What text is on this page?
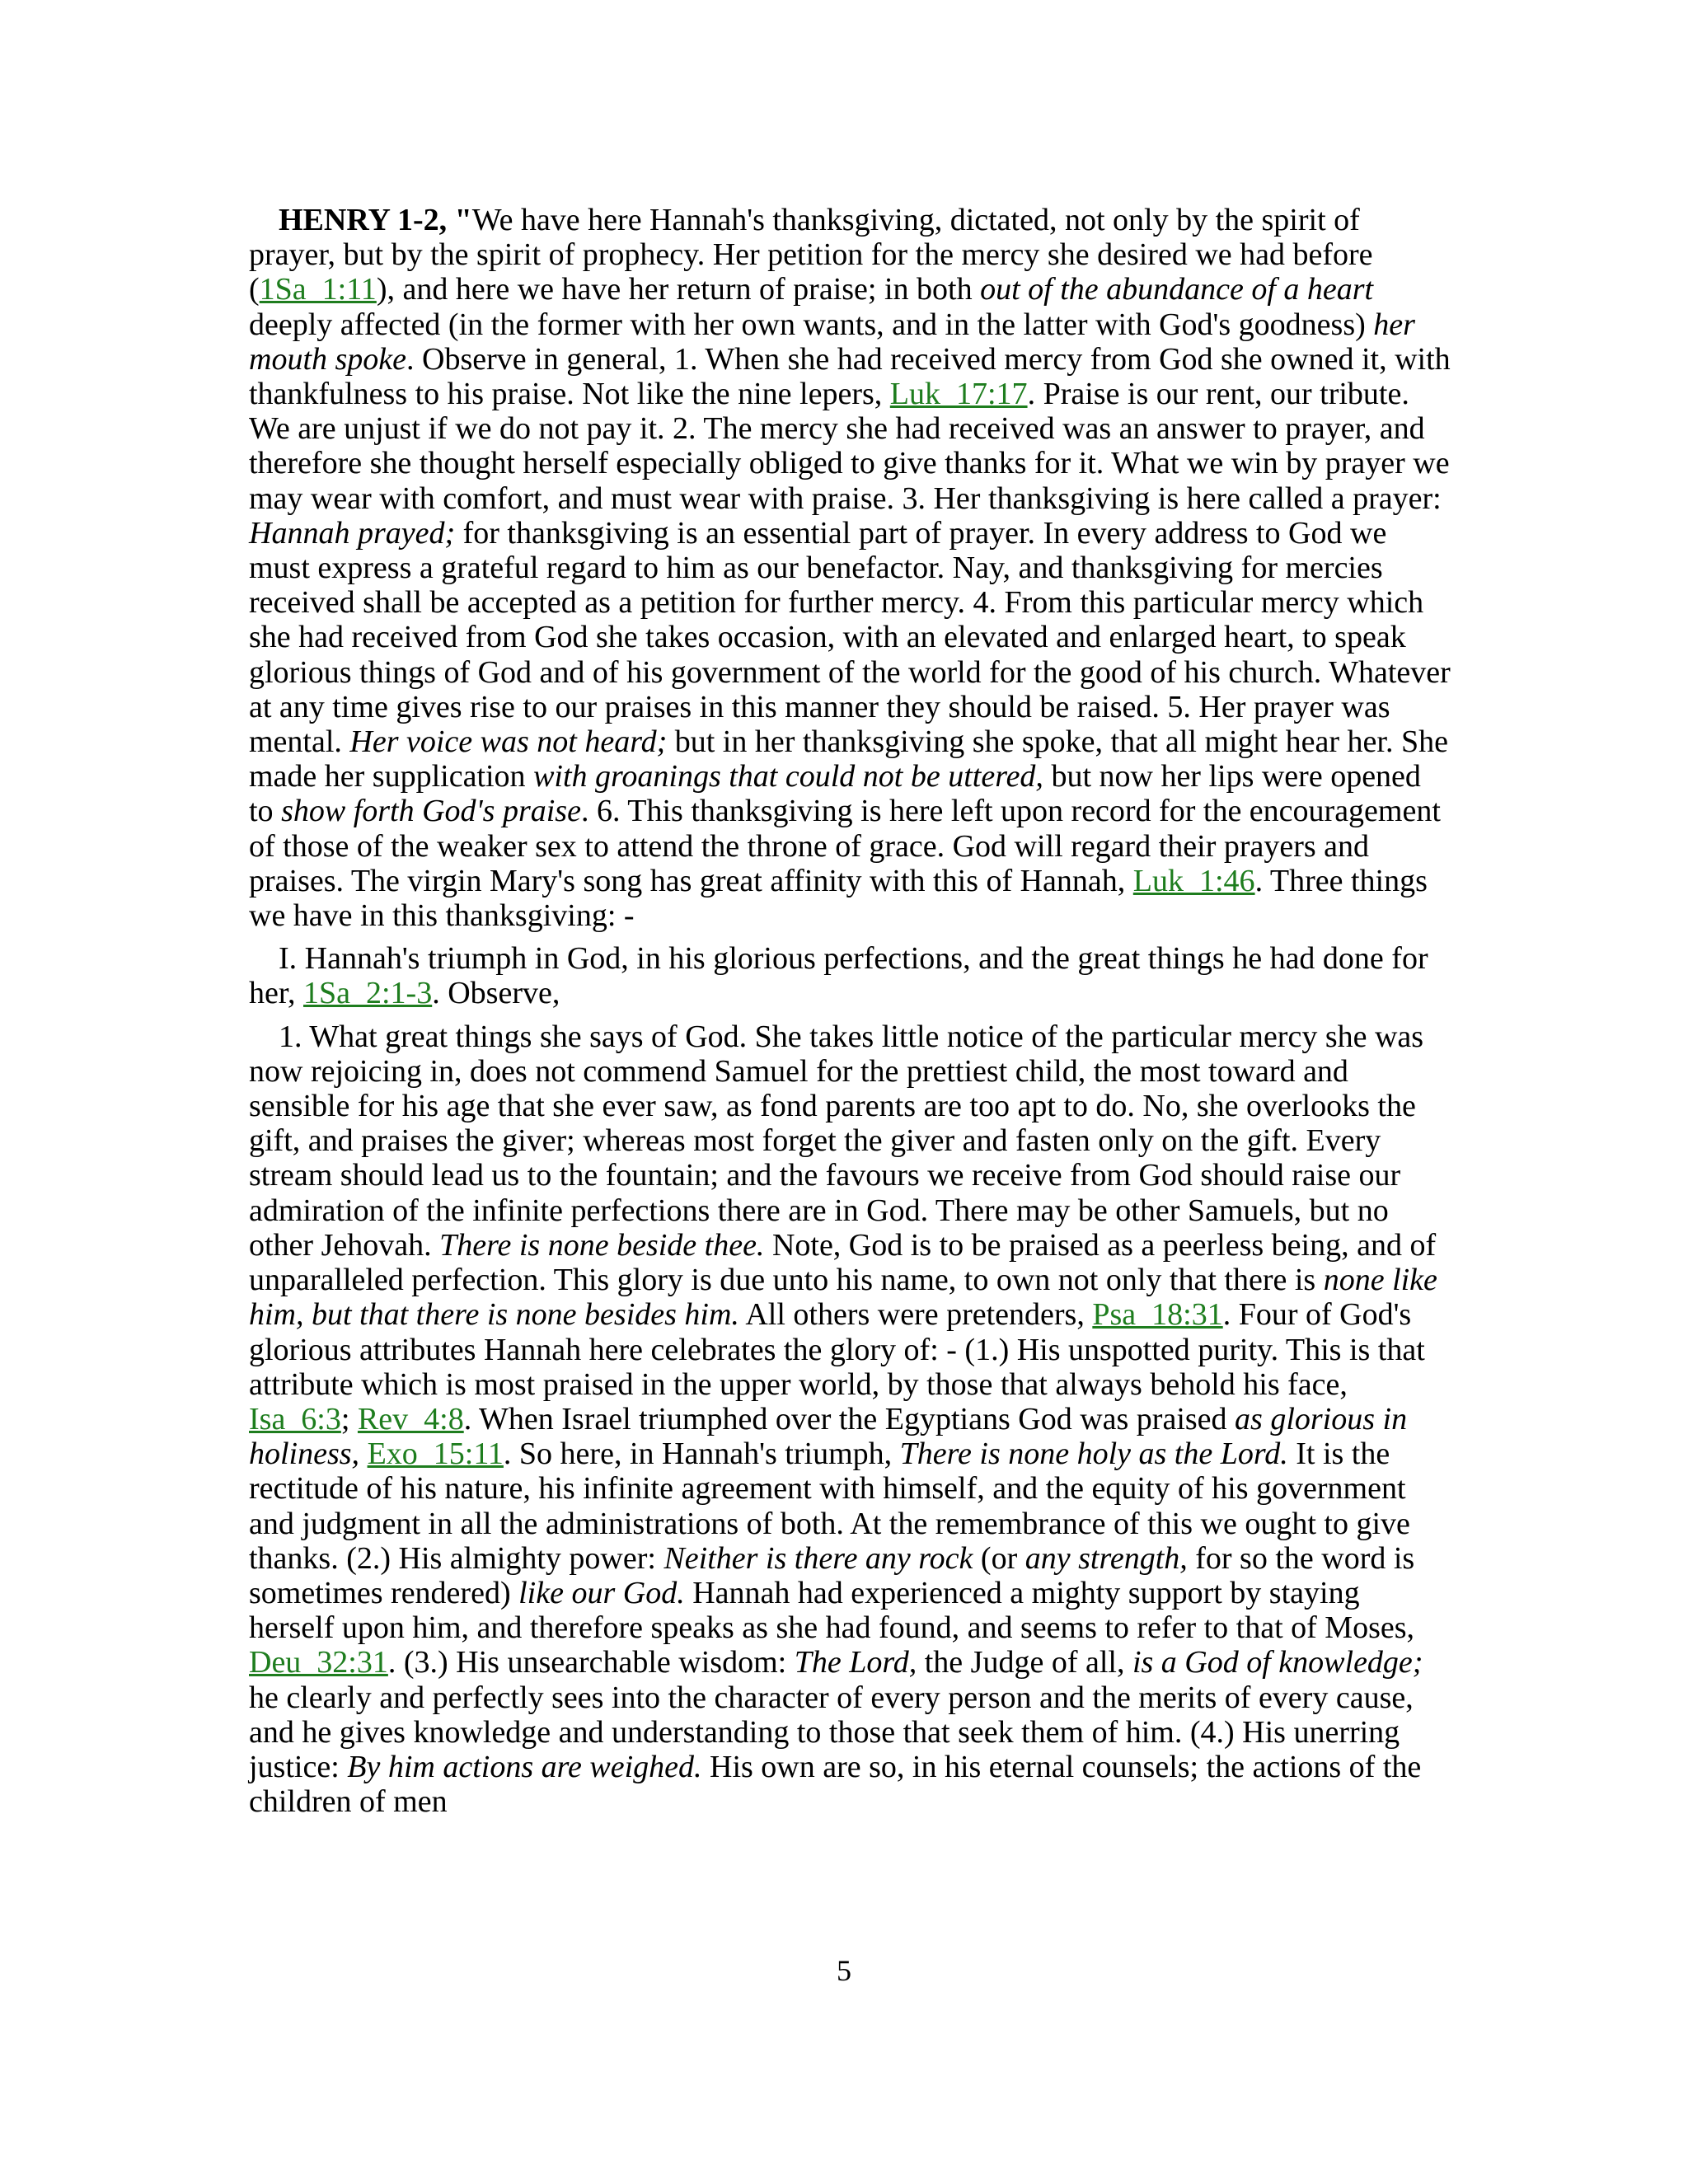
HENRY 1-2, "We have here Hannah's thanksgiving, dictated, not only by the spirit of prayer, but by the spirit of prophecy. Her petition for the mercy she desired we had before (1Sa_1:11), and here we have her return of praise; in both out of the abundance of a heart deeply affected (in the former with her own wants, and in the latter with God's goodness) her mouth spoke. Observe in general, 1. When she had received mercy from God she owned it, with thankfulness to his praise. Not like the nine lepers, Luk_17:17. Praise is our rent, our tribute. We are unjust if we do not pay it. 2. The mercy she had received was an answer to prayer, and therefore she thought herself especially obliged to give thanks for it. What we win by prayer we may wear with comfort, and must wear with praise. 3. Her thanksgiving is here called a prayer: Hannah prayed; for thanksgiving is an essential part of prayer. In every address to God we must express a grateful regard to him as our benefactor. Nay, and thanksgiving for mercies received shall be accepted as a petition for further mercy. 4. From this particular mercy which she had received from God she takes occasion, with an elevated and enlarged heart, to speak glorious things of God and of his government of the world for the good of his church. Whatever at any time gives rise to our praises in this manner they should be raised. 5. Her prayer was mental. Her voice was not heard; but in her thanksgiving she spoke, that all might hear her. She made her supplication with groanings that could not be uttered, but now her lips were opened to show forth God's praise. 6. This thanksgiving is here left upon record for the encouragement of those of the weaker sex to attend the throne of grace. God will regard their prayers and praises. The virgin Mary's song has great affinity with this of Hannah, Luk_1:46. Three things we have in this thanksgiving: -

I. Hannah's triumph in God, in his glorious perfections, and the great things he had done for her, 1Sa_2:1-3. Observe,

1. What great things she says of God. She takes little notice of the particular mercy she was now rejoicing in, does not commend Samuel for the prettiest child, the most toward and sensible for his age that she ever saw, as fond parents are too apt to do. No, she overlooks the gift, and praises the giver; whereas most forget the giver and fasten only on the gift. Every stream should lead us to the fountain; and the favours we receive from God should raise our admiration of the infinite perfections there are in God. There may be other Samuels, but no other Jehovah. There is none beside thee. Note, God is to be praised as a peerless being, and of unparalleled perfection. This glory is due unto his name, to own not only that there is none like him, but that there is none besides him. All others were pretenders, Psa_18:31. Four of God's glorious attributes Hannah here celebrates the glory of: - (1.) His unspotted purity. This is that attribute which is most praised in the upper world, by those that always behold his face, Isa_6:3; Rev_4:8. When Israel triumphed over the Egyptians God was praised as glorious in holiness, Exo_15:11. So here, in Hannah's triumph, There is none holy as the Lord. It is the rectitude of his nature, his infinite agreement with himself, and the equity of his government and judgment in all the administrations of both. At the remembrance of this we ought to give thanks. (2.) His almighty power: Neither is there any rock (or any strength, for so the word is sometimes rendered) like our God. Hannah had experienced a mighty support by staying herself upon him, and therefore speaks as she had found, and seems to refer to that of Moses, Deu_32:31. (3.) His unsearchable wisdom: The Lord, the Judge of all, is a God of knowledge; he clearly and perfectly sees into the character of every person and the merits of every cause, and he gives knowledge and understanding to those that seek them of him. (4.) His unerring justice: By him actions are weighed. His own are so, in his eternal counsels; the actions of the children of men

5
